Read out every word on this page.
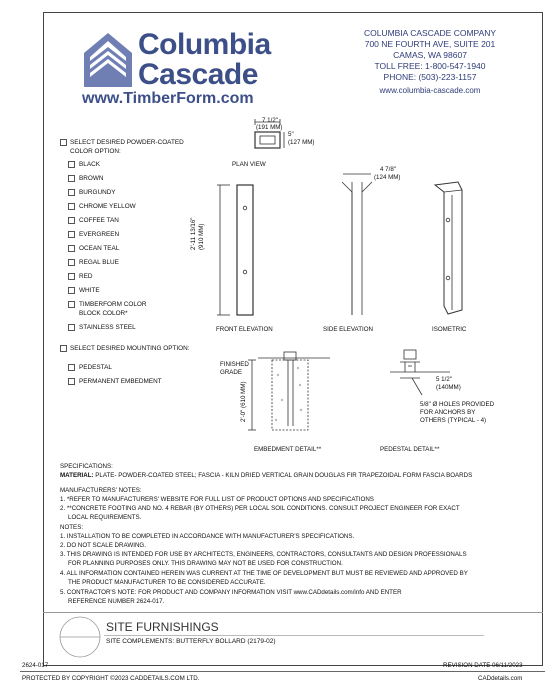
Columbia
Cascade
www.TimberForm.com
COLUMBIA CASCADE COMPANY
700 NE FOURTH AVE, SUITE 201
CAMAS, WA 98607
TOLL FREE: 1-800-547-1940
PHONE: (503)-223-1157
www.columbia-cascade.com
SELECT DESIRED POWDER-COATED
COLOR OPTION:
BLACK
BROWN
BURGUNDY
CHROME YELLOW
COFFEE TAN
EVERGREEN
OCEAN TEAL
REGAL BLUE
RED
WHITE
TIMBERFORM COLOR
BLOCK COLOR*
STAINLESS STEEL
SELECT DESIRED MOUNTING OPTION:
PEDESTAL
PERMANENT EMBEDMENT
7 1/2"
(191 MM)
5"
(127 MM)
PLAN VIEW
4 7/8"
(124 MM)
2'-11 13/16" (910 MM)
FRONT ELEVATION	SIDE ELEVATION	ISOMETRIC
FINISHED
GRADE
2'-0" (610 MM)
EMBEDMENT DETAIL**	PEDESTAL DETAIL**
5 1/2"
(140MM)
5/8" Ø HOLES PROVIDED
FOR ANCHORS BY
OTHERS (TYPICAL - 4)
SPECIFICATIONS:
MATERIAL: PLATE- POWDER-COATED STEEL; FASCIA - KILN DRIED VERTICAL GRAIN DOUGLAS FIR TRAPEZOIDAL FORM FASCIA BOARDS
MANUFACTURERS' NOTES:
1. *REFER TO MANUFACTURERS' WEBSITE FOR FULL LIST OF PRODUCT OPTIONS AND SPECIFICATIONS
2. **CONCRETE FOOTING AND NO. 4 REBAR (BY OTHERS) PER LOCAL SOIL CONDITIONS. CONSULT PROJECT ENGINEER FOR EXACT
LOCAL REQUIREMENTS.
NOTES:
1. INSTALLATION TO BE COMPLETED IN ACCORDANCE WITH MANUFACTURER'S SPECIFICATIONS.
2. DO NOT SCALE DRAWING.
3. THIS DRAWING IS INTENDED FOR USE BY ARCHITECTS, ENGINEERS, CONTRACTORS, CONSULTANTS AND DESIGN PROFESSIONALS
FOR PLANNING PURPOSES ONLY. THIS DRAWING MAY NOT BE USED FOR CONSTRUCTION.
4. ALL INFORMATION CONTAINED HEREIN WAS CURRENT AT THE TIME OF DEVELOPMENT BUT MUST BE REVIEWED AND APPROVED BY
THE PRODUCT MANUFACTURER TO BE CONSIDERED ACCURATE.
5. CONTRACTOR'S NOTE: FOR PRODUCT AND COMPANY INFORMATION VISIT www.CADdetails.com/info AND ENTER
REFERENCE NUMBER 2624-017.
SITE FURNISHINGS
SITE COMPLEMENTS: BUTTERFLY BOLLARD (2179-02)
2624-017	REVISION DATE 06/11/2023
PROTECTED BY COPYRIGHT ©2023 CADDETAILS.COM LTD.	CADdetails.com
